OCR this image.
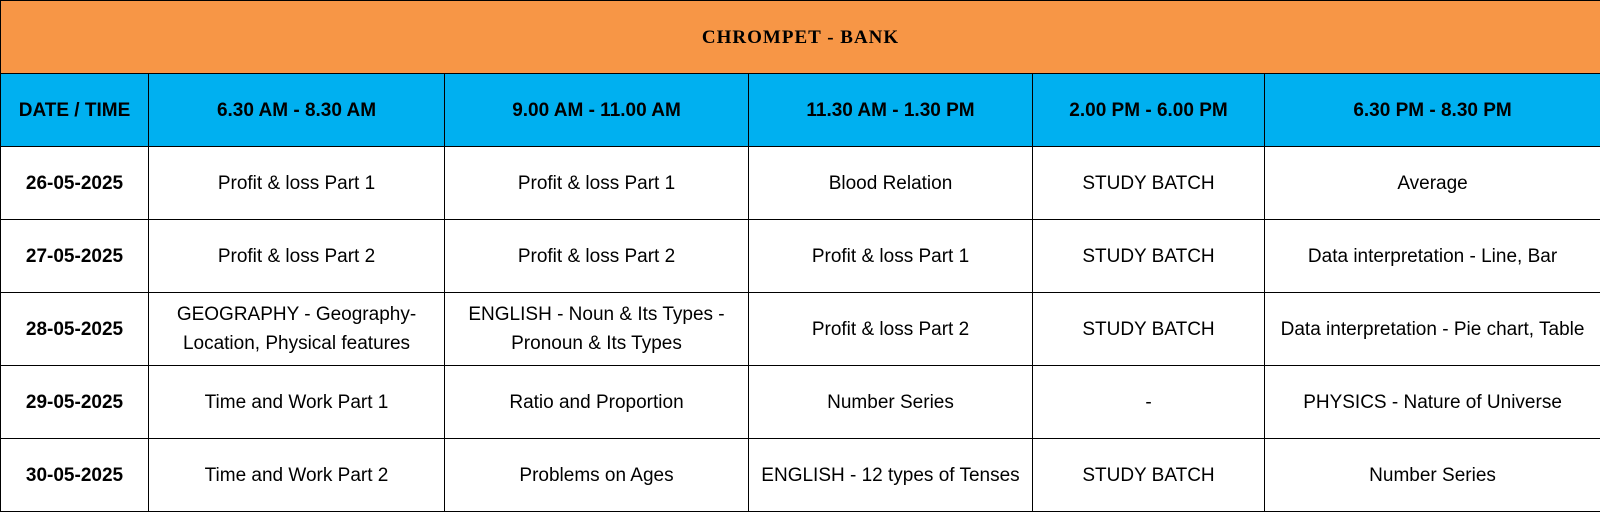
CHROMPET - BANK					
DATE / TIME	6.30 AM - 8.30 AM	9.00 AM - 11.00 AM	11.30 AM - 1.30 PM	2.00 PM - 6.00 PM	6.30 PM - 8.30 PM
26-05-2025	Profit & loss Part 1	Profit & loss Part 1	Blood Relation	STUDY BATCH	Average
27-05-2025	Profit & loss Part 2	Profit & loss Part 2	Profit & loss Part 1	STUDY BATCH	Data interpretation - Line, Bar
28-05-2025	GEOGRAPHY - Geography-Location, Physical features	ENGLISH - Noun & Its Types - Pronoun & Its Types	Profit & loss Part 2	STUDY BATCH	Data interpretation - Pie chart, Table
29-05-2025	Time and Work Part 1	Ratio and Proportion	Number Series	-	PHYSICS - Nature of Universe
30-05-2025	Time and Work Part 2	Problems on Ages	ENGLISH - 12 types of Tenses	STUDY BATCH	Number Series
